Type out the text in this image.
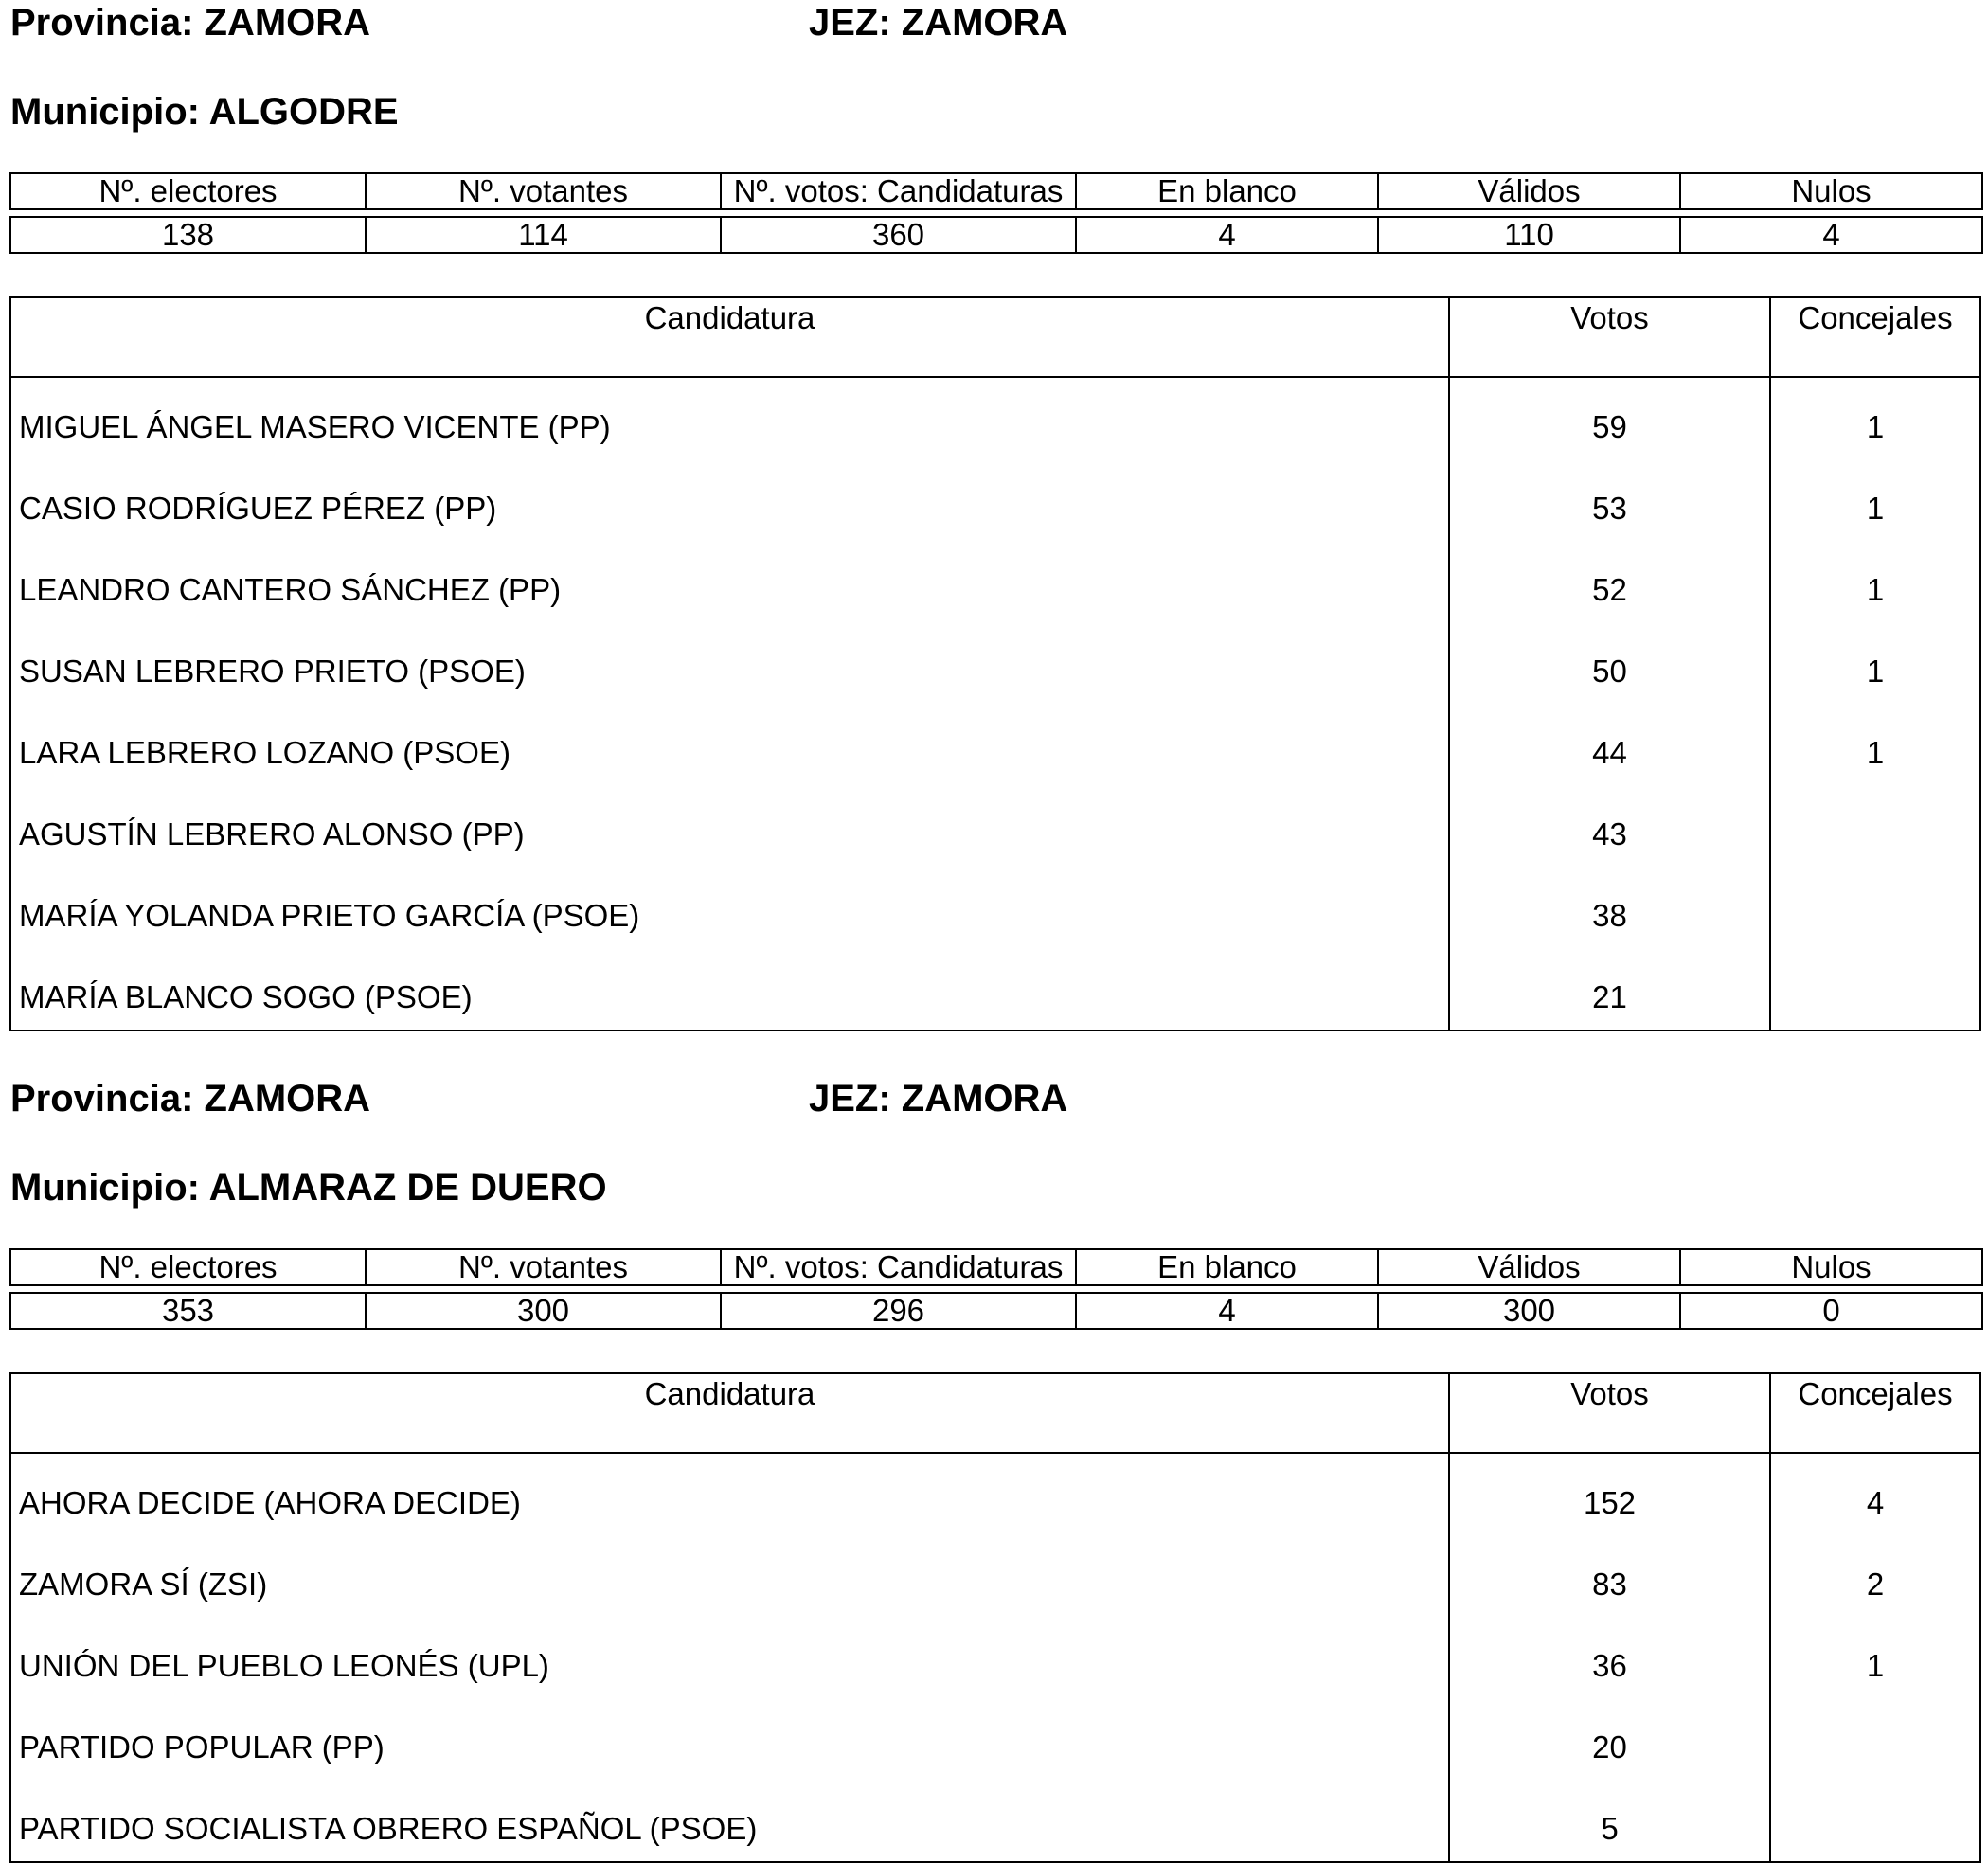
Provincia: ZAMORA	JEZ: ZAMORA
Municipio: ALGODRE
Nº. electores	Nº. votantes	Nº. votos: Candidaturas	En blanco	Válidos	Nulos

138	114	360	4	110	4
Candidatura	Votos	Concejales
MIGUEL ÁNGEL MASERO VICENTE (PP)	59	1
CASIO RODRÍGUEZ PÉREZ (PP)	53	1
LEANDRO CANTERO SÁNCHEZ (PP)	52	1
SUSAN LEBRERO PRIETO (PSOE)	50	1
LARA LEBRERO LOZANO (PSOE)	44	1
AGUSTÍN LEBRERO ALONSO (PP)	43
MARÍA YOLANDA PRIETO GARCÍA (PSOE)	38
MARÍA BLANCO SOGO (PSOE)	21
Provincia: ZAMORA	JEZ: ZAMORA
Municipio: ALMARAZ DE DUERO
Nº. electores	Nº. votantes	Nº. votos: Candidaturas	En blanco	Válidos	Nulos

353	300	296	4	300	0
Candidatura	Votos	Concejales
AHORA DECIDE (AHORA DECIDE)	152	4
ZAMORA SÍ (ZSI)	83	2
UNIÓN DEL PUEBLO LEONÉS (UPL)	36	1
PARTIDO POPULAR (PP)	20
PARTIDO SOCIALISTA OBRERO ESPAÑOL (PSOE)	5
